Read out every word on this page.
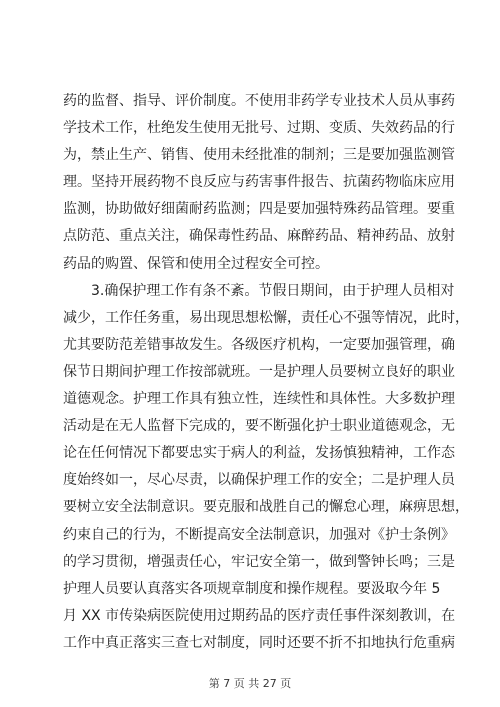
药的监督、指导、评价制度。不使用非药学专业技术人员从事药
学技术工作，杜绝发生使用无批号、过期、变质、失效药品的行
为，禁止生产、销售、使用未经批准的制剂；三是要加强监测管
理。坚持开展药物不良反应与药害事件报告、抗菌药物临床应用
监测，协助做好细菌耐药监测；四是要加强特殊药品管理。要重
点防范、重点关注，确保毒性药品、麻醉药品、精神药品、放射
药品的购置、保管和使用全过程安全可控。
3.确保护理工作有条不紊。节假日期间，由于护理人员相对
减少，工作任务重，易出现思想松懈，责任心不强等情况，此时，
尤其要防范差错事故发生。各级医疗机构，一定要加强管理，确
保节日期间护理工作按部就班。一是护理人员要树立良好的职业
道德观念。护理工作具有独立性，连续性和具体性。大多数护理
活动是在无人监督下完成的，要不断强化护士职业道德观念，无
论在任何情况下都要忠实于病人的利益，发扬慎独精神，工作态
度始终如一，尽心尽责，以确保护理工作的安全；二是护理人员
要树立安全法制意识。要克服和战胜自己的懈怠心理，麻痹思想，
约束自己的行为，不断提高安全法制意识，加强对《护士条例》
的学习贯彻，增强责任心，牢记安全第一，做到警钟长鸣；三是
护理人员要认真落实各项规章制度和操作规程。要汲取今年 5
月 XX 市传染病医院使用过期药品的医疗责任事件深刻教训，在
工作中真正落实三查七对制度，同时还要不折不扣地执行危重病
第 7 页 共 27 页
